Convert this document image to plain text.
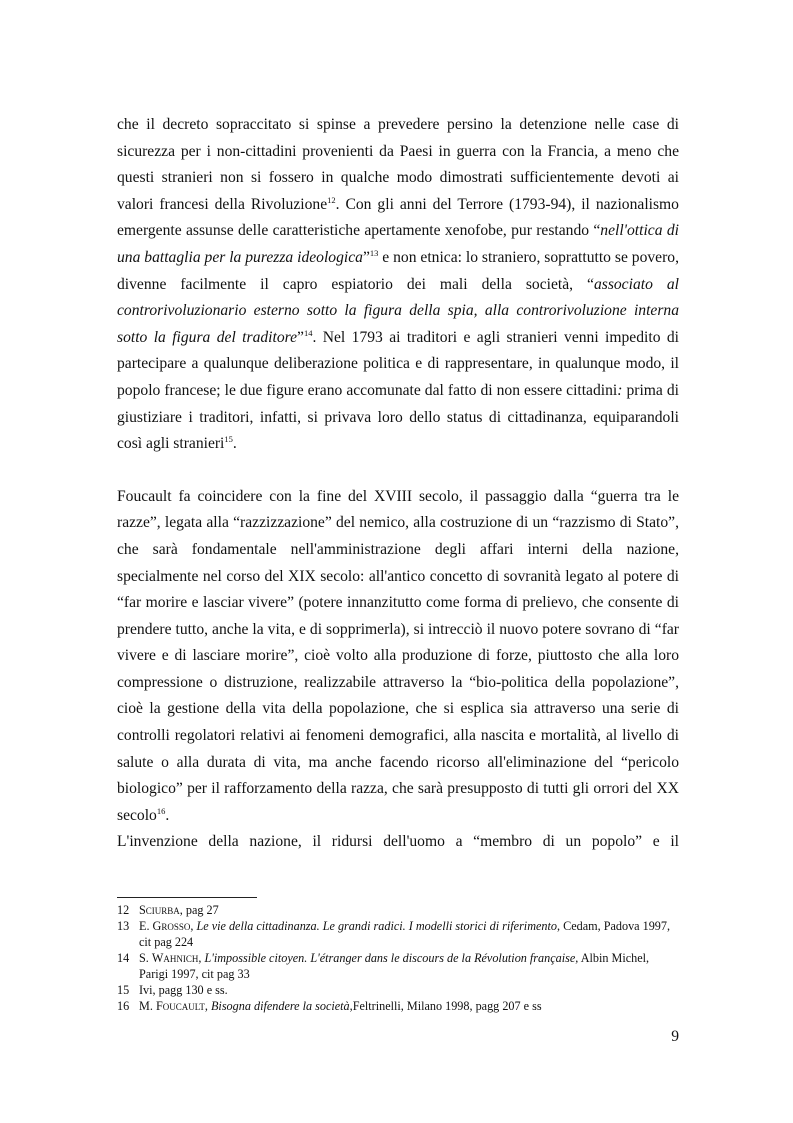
che il decreto sopraccitato si spinse a prevedere persino la detenzione nelle case di sicurezza per i non-cittadini provenienti da Paesi in guerra con la Francia, a meno che questi stranieri non si fossero in qualche modo dimostrati sufficientemente devoti ai valori francesi della Rivoluzione$^{12}$. Con gli anni del Terrore (1793-94), il nazionalismo emergente assunse delle caratteristiche apertamente xenofobe, pur restando “nell'ottica di una battaglia per la purezza ideologica”$^{13}$ e non etnica: lo straniero, soprattutto se povero, divenne facilmente il capro espiatorio dei mali della società, “associato al controrivoluzionario esterno sotto la figura della spia, alla controrivoluzione interna sotto la figura del traditore”$^{14}$. Nel 1793 ai traditori e agli stranieri venni impedito di partecipare a qualunque deliberazione politica e di rappresentare, in qualunque modo, il popolo francese; le due figure erano accomunate dal fatto di non essere cittadini: prima di giustiziare i traditori, infatti, si privava loro dello status di cittadinanza, equiparandoli così agli stranieri$^{15}$.

Foucault fa coincidere con la fine del XVIII secolo, il passaggio dalla “guerra tra le razze”, legata alla “razzizzazione” del nemico, alla costruzione di un “razzismo di Stato”, che sarà fondamentale nell'amministrazione degli affari interni della nazione, specialmente nel corso del XIX secolo: all'antico concetto di sovranità legato al potere di “far morire e lasciar vivere” (potere innanzitutto come forma di prelievo, che consente di prendere tutto, anche la vita, e di sopprimerla), si intrecciò il nuovo potere sovrano di “far vivere e di lasciare morire”, cioè volto alla produzione di forze, piuttosto che alla loro compressione o distruzione, realizzabile attraverso la “bio-politica della popolazione”, cioè la gestione della vita della popolazione, che si esplica sia attraverso una serie di controlli regolatori relativi ai fenomeni demografici, alla nascita e mortalità, al livello di salute o alla durata di vita, ma anche facendo ricorso all'eliminazione del “pericolo biologico” per il rafforzamento della razza, che sarà presupposto di tutti gli orrori del XX secolo$^{16}$.

L'invenzione della nazione, il ridursi dell'uomo a “membro di un popolo” e il

12 Sciurba, pag 27
13 E. Grosso, Le vie della cittadinanza. Le grandi radici. I modelli storici di riferimento, Cedam, Padova 1997, cit pag 224
14 S. Wahnich, L'impossible citoyen. L'étranger dans le discours de la Révolution française, Albin Michel, Parigi 1997, cit pag 33
15 Ivi, pagg 130 e ss.
16 M. Foucault, Bisogna difendere la società,Feltrinelli, Milano 1998, pagg 207 e ss
9
